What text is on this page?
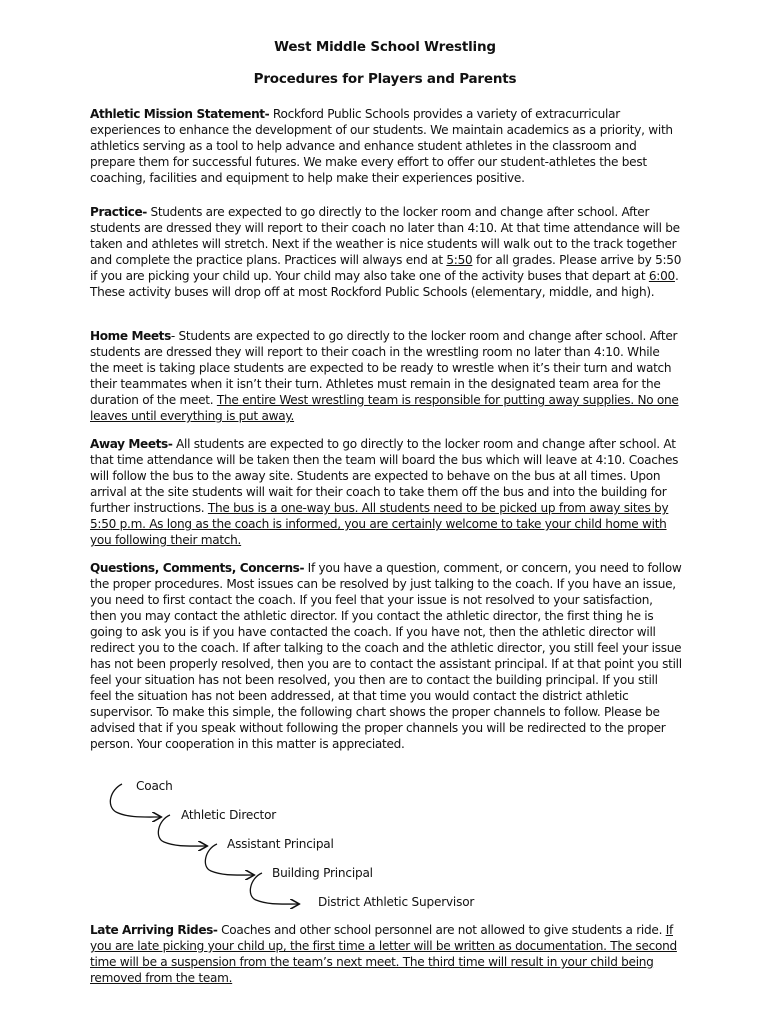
West Middle School Wrestling
Procedures for Players and Parents

Athletic Mission Statement- Rockford Public Schools provides a variety of extracurricular experiences to enhance the development of our students. We maintain academics as a priority, with athletics serving as a tool to help advance and enhance student athletes in the classroom and prepare them for successful futures. We make every effort to offer our student-athletes the best coaching, facilities and equipment to help make their experiences positive.

Practice- Students are expected to go directly to the locker room and change after school. After students are dressed they will report to their coach no later than 4:10. At that time attendance will be taken and athletes will stretch. Next if the weather is nice students will walk out to the track together and complete the practice plans. Practices will always end at 5:50 for all grades. Please arrive by 5:50 if you are picking your child up. Your child may also take one of the activity buses that depart at 6:00. These activity buses will drop off at most Rockford Public Schools (elementary, middle, and high).

Home Meets- Students are expected to go directly to the locker room and change after school. After students are dressed they will report to their coach in the wrestling room no later than 4:10. While the meet is taking place students are expected to be ready to wrestle when it’s their turn and watch their teammates when it isn’t their turn. Athletes must remain in the designated team area for the duration of the meet. The entire West wrestling team is responsible for putting away supplies. No one leaves until everything is put away.

Away Meets- All students are expected to go directly to the locker room and change after school. At that time attendance will be taken then the team will board the bus which will leave at 4:10. Coaches will follow the bus to the away site. Students are expected to behave on the bus at all times. Upon arrival at the site students will wait for their coach to take them off the bus and into the building for further instructions. The bus is a one-way bus. All students need to be picked up from away sites by 5:50 p.m. As long as the coach is informed, you are certainly welcome to take your child home with you following their match.

Questions, Comments, Concerns- If you have a question, comment, or concern, you need to follow the proper procedures. Most issues can be resolved by just talking to the coach. If you have an issue, you need to first contact the coach. If you feel that your issue is not resolved to your satisfaction, then you may contact the athletic director. If you contact the athletic director, the first thing he is going to ask you is if you have contacted the coach. If you have not, then the athletic director will redirect you to the coach. If after talking to the coach and the athletic director, you still feel your issue has not been properly resolved, then you are to contact the assistant principal. If at that point you still feel your situation has not been resolved, you then are to contact the building principal. If you still feel the situation has not been addressed, at that time you would contact the district athletic supervisor. To make this simple, the following chart shows the proper channels to follow. Please be advised that if you speak without following the proper channels you will be redirected to the proper person. Your cooperation in this matter is appreciated.

Coach
Athletic Director
Assistant Principal
Building Principal
District Athletic Supervisor

Late Arriving Rides- Coaches and other school personnel are not allowed to give students a ride. If you are late picking your child up, the first time a letter will be written as documentation. The second time will be a suspension from the team’s next meet. The third time will result in your child being removed from the team.
